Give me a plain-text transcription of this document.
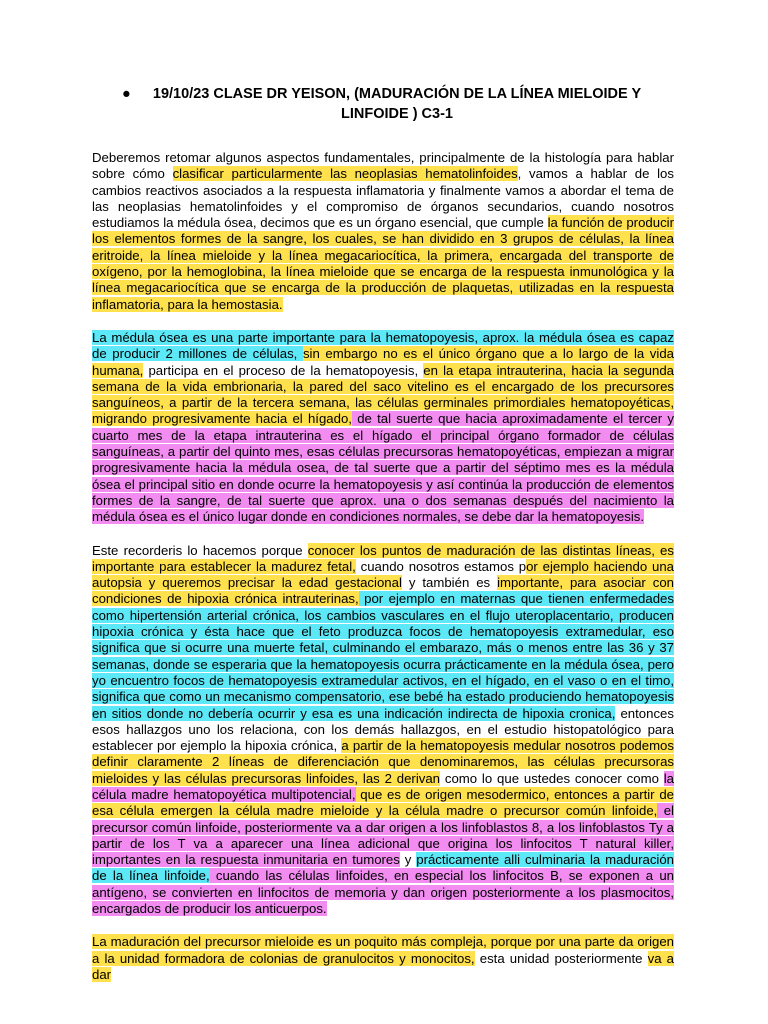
● 19/10/23 CLASE DR YEISON, (MADURACIÓN DE LA LÍNEA MIELOIDE Y LINFOIDE ) C3-1

Deberemos retomar algunos aspectos fundamentales, principalmente de la histología para hablar sobre cómo clasificar particularmente las neoplasias hematolinfoides, vamos a hablar de los cambios reactivos asociados a la respuesta inflamatoria y finalmente vamos a abordar el tema de las neoplasias hematolinfoides y el compromiso de órganos secundarios, cuando nosotros estudiamos la médula ósea, decimos que es un órgano esencial, que cumple la función de producir los elementos formes de la sangre, los cuales, se han dividido en 3 grupos de células, la línea eritroide, la línea mieloide y la línea megacariocítica, la primera, encargada del transporte de oxígeno, por la hemoglobina, la línea mieloide que se encarga de la respuesta inmunológica y la línea megacariocítica que se encarga de la producción de plaquetas, utilizadas en la respuesta inflamatoria, para la hemostasia.

La médula ósea es una parte importante para la hematopoyesis, aprox. la médula ósea es capaz de producir 2 millones de células, sin embargo no es el único órgano que a lo largo de la vida humana, participa en el proceso de la hematopoyesis, en la etapa intrauterina, hacia la segunda semana de la vida embrionaria, la pared del saco vitelino es el encargado de los precursores sanguíneos, a partir de la tercera semana, las células germinales primordiales hematopoyéticas, migrando progresivamente hacia el hígado, de tal suerte que hacia aproximadamente el tercer y cuarto mes de la etapa intrauterina es el hígado el principal órgano formador de células sanguíneas, a partir del quinto mes, esas células precursoras hematopoyéticas, empiezan a migrar progresivamente hacia la médula osea, de tal suerte que a partir del séptimo mes es la médula ósea el principal sitio en donde ocurre la hematopoyesis y así continúa la producción de elementos formes de la sangre, de tal suerte que aprox. una o dos semanas después del nacimiento la médula ósea es el único lugar donde en condiciones normales, se debe dar la hematopoyesis.

Este recorderis lo hacemos porque conocer los puntos de maduración de las distintas líneas, es importante para establecer la madurez fetal, cuando nosotros estamos por ejemplo haciendo una autopsia y queremos precisar la edad gestacional y también es importante, para asociar con condiciones de hipoxia crónica intrauterinas, por ejemplo en maternas que tienen enfermedades como hipertensión arterial crónica, los cambios vasculares en el flujo uteroplacentario, producen hipoxia crónica y ésta hace que el feto produzca focos de hematopoyesis extramedular, eso significa que si ocurre una muerte fetal, culminando el embarazo, más o menos entre las 36 y 37 semanas, donde se esperaria que la hematopoyesis ocurra prácticamente en la médula ósea, pero yo encuentro focos de hematopoyesis extramedular activos, en el hígado, en el vaso o en el timo, significa que como un mecanismo compensatorio, ese bebé ha estado produciendo hematopoyesis en sitios donde no debería ocurrir y esa es una indicación indirecta de hipoxia cronica, entonces esos hallazgos uno los relaciona, con los demás hallazgos, en el estudio histopatológico para establecer por ejemplo la hipoxia crónica, a partir de la hematopoyesis medular nosotros podemos definir claramente 2 líneas de diferenciación que denominaremos, las células precursoras mieloides y las células precursoras linfoides, las 2 derivan como lo que ustedes conocer como la célula madre hematopoyética multipotencial, que es de origen mesodermico, entonces a partir de esa célula emergen la célula madre mieloide y la célula madre o precursor común linfoide, el precursor común linfoide, posteriormente va a dar origen a los linfoblastos 8, a los linfoblastos Ty a partir de los T va a aparecer una línea adicional que origina los linfocitos T natural killer, importantes en la respuesta inmunitaria en tumores y prácticamente alli culminaria la maduración de la línea linfoide, cuando las células linfoides, en especial los linfocitos B, se exponen a un antígeno, se convierten en linfocitos de memoria y dan origen posteriormente a los plasmocitos, encargados de producir los anticuerpos.

La maduración del precursor mieloide es un poquito más compleja, porque por una parte da origen a la unidad formadora de colonias de granulocitos y monocitos, esta unidad posteriormente va a dar
